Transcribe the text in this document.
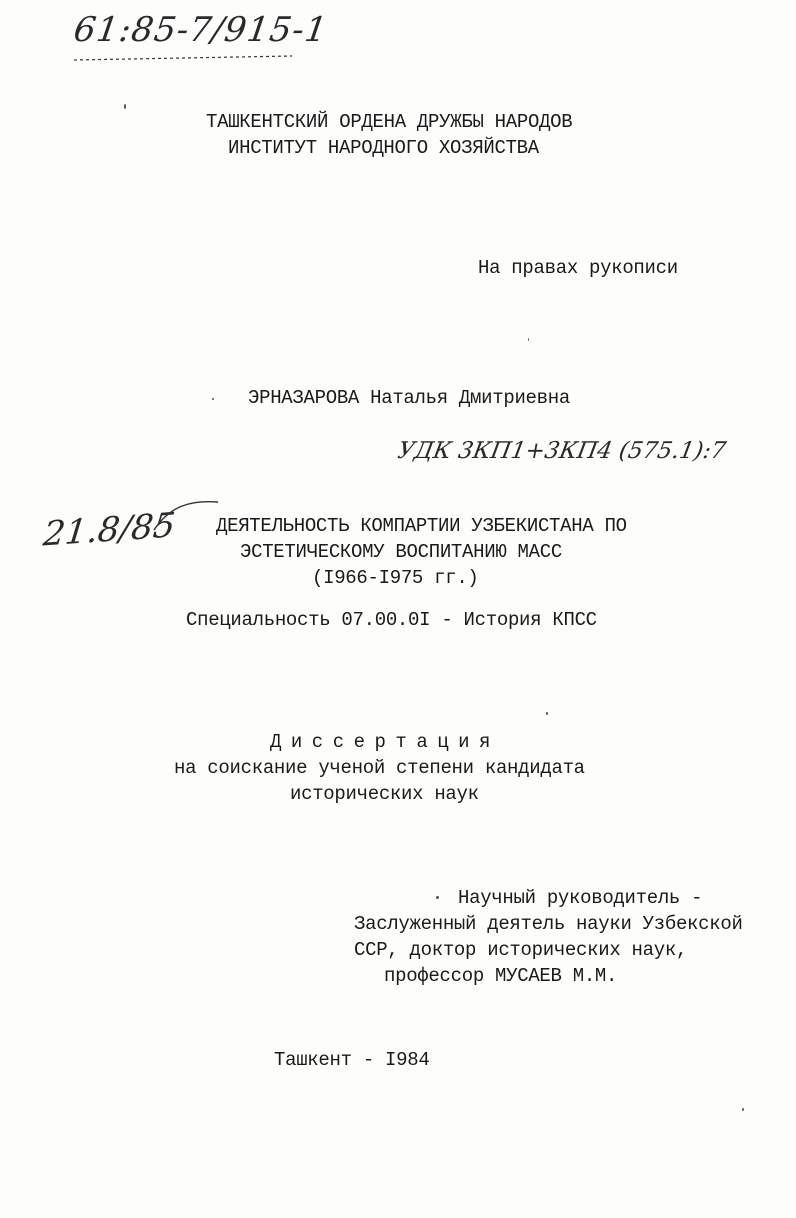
61:85-7/915-1
ТАШКЕНТСКИЙ ОРДЕНА ДРУЖБЫ НАРОДОВ
ИНСТИТУТ НАРОДНОГО ХОЗЯЙСТВА
На правах рукописи
ЭРНАЗАРОВА Наталья Дмитриевна
УДК 3КП1+3КП4 (575.1):7
21.8/85 ДЕЯТЕЛЬНОСТЬ КОМПАРТИИ УЗБЕКИСТАНА ПО
ЭСТЕТИЧЕСКОМУ ВОСПИТАНИЮ МАСС
(I966-I975 гг.)
Специальность 07.00.0I - История КПСС
Диссертация
на соискание ученой степени кандидата
исторических наук
Научный руководитель -
Заслуженный деятель науки Узбекской
ССР, доктор исторических наук,
профессор МУСАЕВ М.М.
Ташкент - I984
